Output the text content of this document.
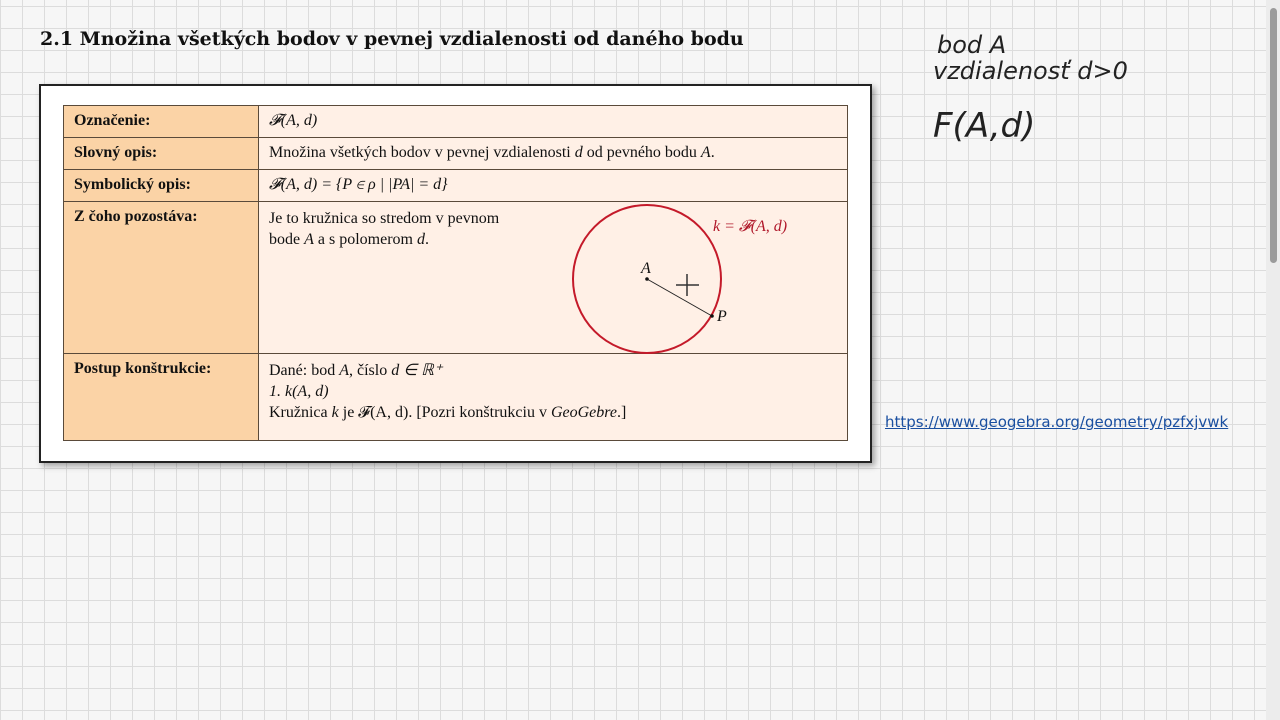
2.1 Množina všetkých bodov v pevnej vzdialenosti od daného bodu
Označenie:	𝓕(A, d)
Slovný opis:	Množina všetkých bodov v pevnej vzdialenosti d od pevného bodu A.
Symbolický opis:	𝓕(A, d) = {P ∈ ρ | |PA| = d}
Z čoho pozostáva:	Je to kružnica so stredom v pevnom
bode A a s polomerom d.
A
P
k = 𝓕(A, d)

Postup konštrukcie:	Dané: bod A, číslo d ∈ ℝ⁺
1. k(A, d)
Kružnica k je 𝓕(A, d). [Pozri konštrukciu v GeoGebre.]
bod A
vzdialenosť d>0
F(A,d)
https://www.geogebra.org/geometry/pzfxjvwk
